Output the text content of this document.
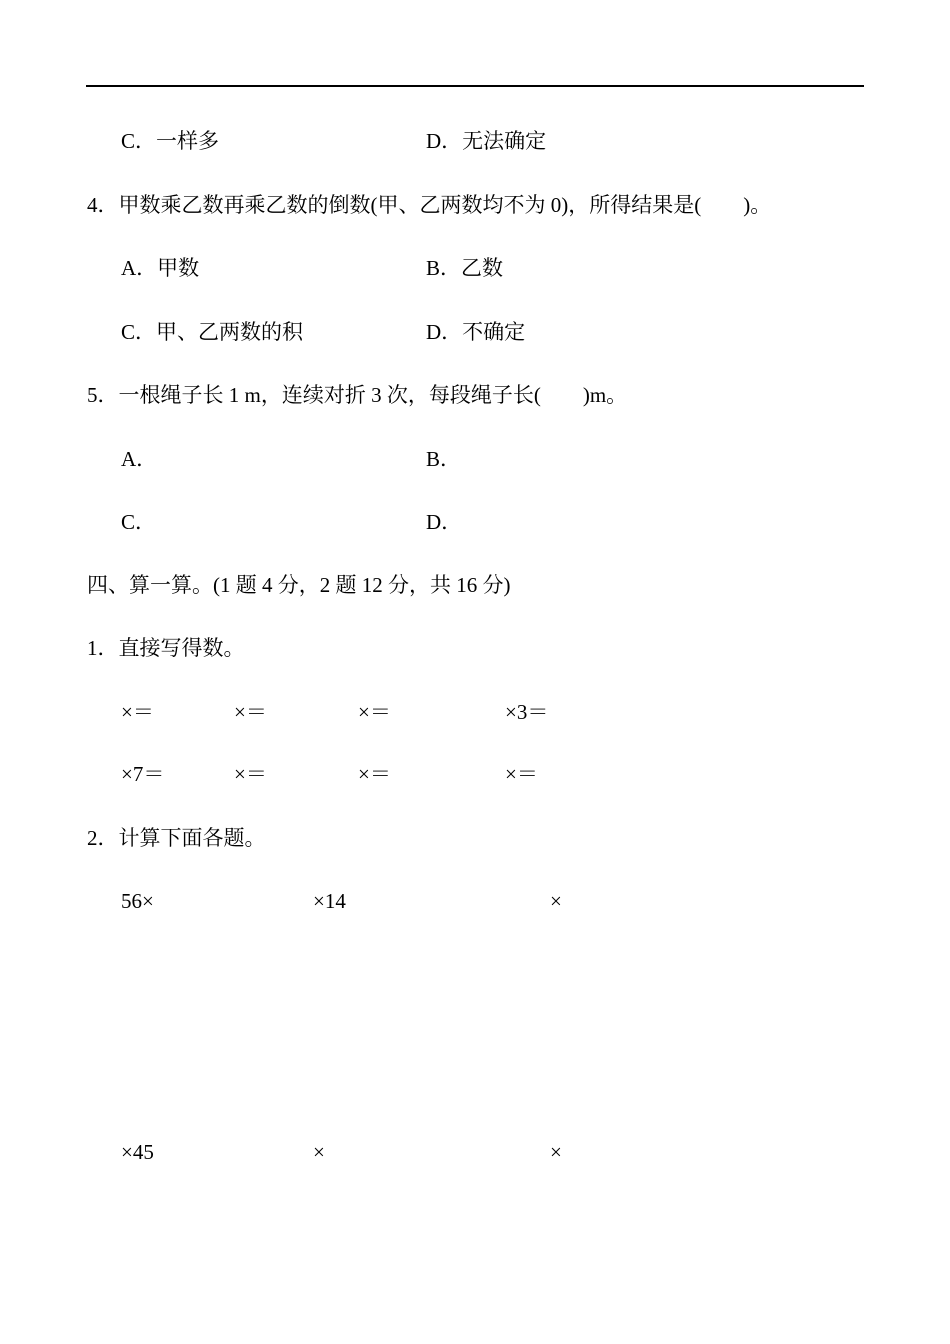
C．一样多	D．无法确定
4．甲数乘乙数再乘乙数的倒数(甲、乙两数均不为 0)，所得结果是(　　)。
A．甲数	B．乙数
C．甲、乙两数的积	D．不确定
5．一根绳子长 1 m，连续对折 3 次，每段绳子长(　　)m。
A．	B．
C．	D．
四、算一算。(1 题 4 分，2 题 12 分，共 16 分)
1．直接写得数。
×＝	×＝	×＝	×3＝
×7＝	×＝	×＝	×＝
2．计算下面各题。
56×	×14	×
×45	×	×
